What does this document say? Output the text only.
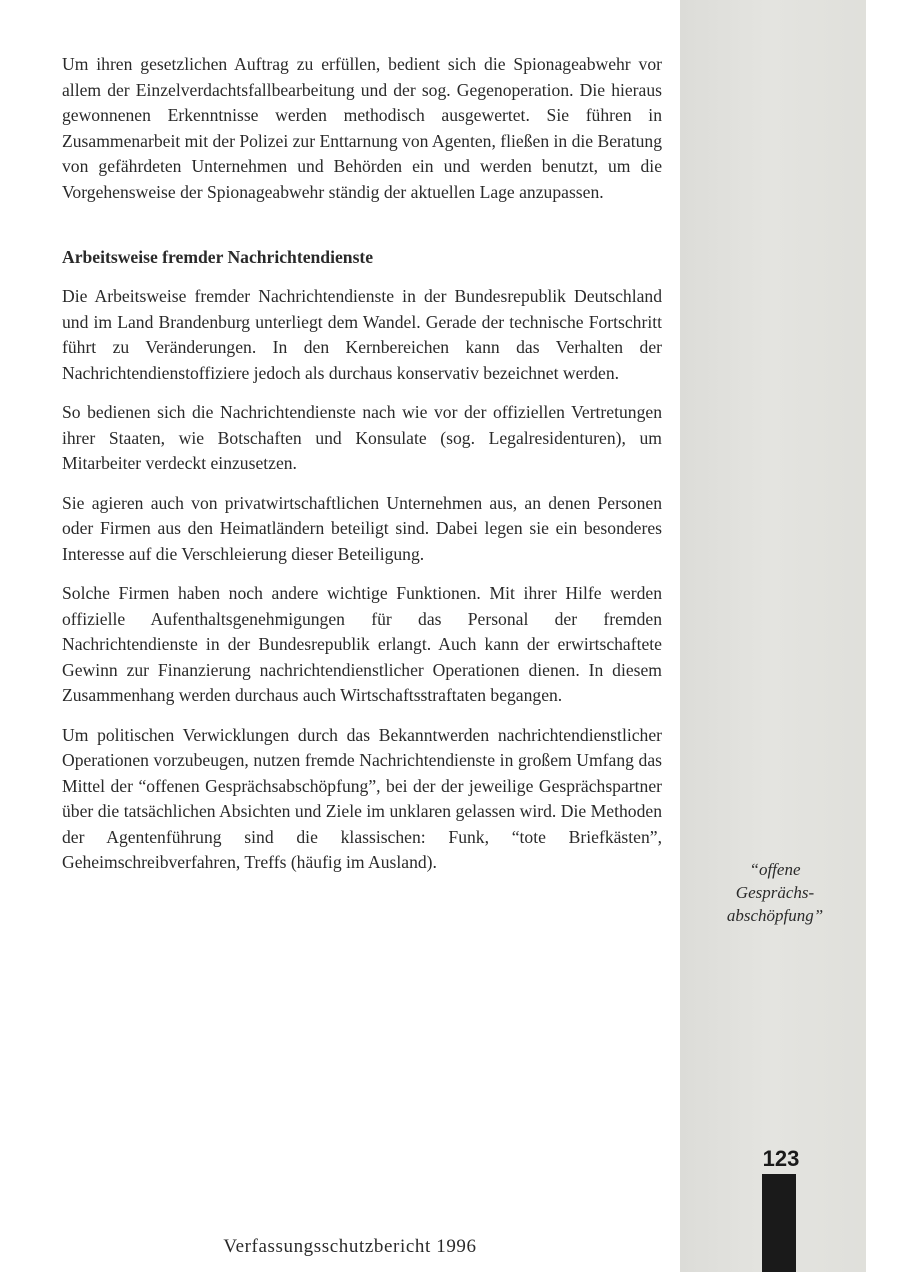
Um ihren gesetzlichen Auftrag zu erfüllen, bedient sich die Spionageabwehr vor allem der Einzelverdachtsfallbearbeitung und der sog. Gegenoperation. Die hieraus gewonnenen Erkenntnisse werden methodisch ausgewertet. Sie führen in Zusammenarbeit mit der Polizei zur Enttarnung von Agenten, fließen in die Beratung von gefährdeten Unternehmen und Behörden ein und werden benutzt, um die Vorgehensweise der Spionageabwehr ständig der aktuellen Lage anzupassen.

Arbeitsweise fremder Nachrichtendienste

Die Arbeitsweise fremder Nachrichtendienste in der Bundesrepublik Deutschland und im Land Brandenburg unterliegt dem Wandel. Gerade der technische Fortschritt führt zu Veränderungen. In den Kernbereichen kann das Verhalten der Nachrichtendienstoffiziere jedoch als durchaus konservativ bezeichnet werden.

So bedienen sich die Nachrichtendienste nach wie vor der offiziellen Vertretungen ihrer Staaten, wie Botschaften und Konsulate (sog. Legalresidenturen), um Mitarbeiter verdeckt einzusetzen.

Sie agieren auch von privatwirtschaftlichen Unternehmen aus, an denen Personen oder Firmen aus den Heimatländern beteiligt sind. Dabei legen sie ein besonderes Interesse auf die Verschleierung dieser Beteiligung.

Solche Firmen haben noch andere wichtige Funktionen. Mit ihrer Hilfe werden offizielle Aufenthaltsgenehmigungen für das Personal der fremden Nachrichtendienste in der Bundesrepublik erlangt. Auch kann der erwirtschaftete Gewinn zur Finanzierung nachrichtendienstlicher Operationen dienen. In diesem Zusammenhang werden durchaus auch Wirtschaftsstraftaten begangen.

Um politischen Verwicklungen durch das Bekanntwerden nachrichtendienstlicher Operationen vorzubeugen, nutzen fremde Nachrichtendienste in großem Umfang das Mittel der “offenen Gesprächsabschöpfung”, bei der der jeweilige Gesprächspartner über die tatsächlichen Absichten und Ziele im unklaren gelassen wird. Die Methoden der Agentenführung sind die klassischen: Funk, “tote Briefkästen”, Geheimschreibverfahren, Treffs (häufig im Ausland).	“offene
Gesprächs-
abschöpfung”
123
Verfassungsschutzbericht 1996
